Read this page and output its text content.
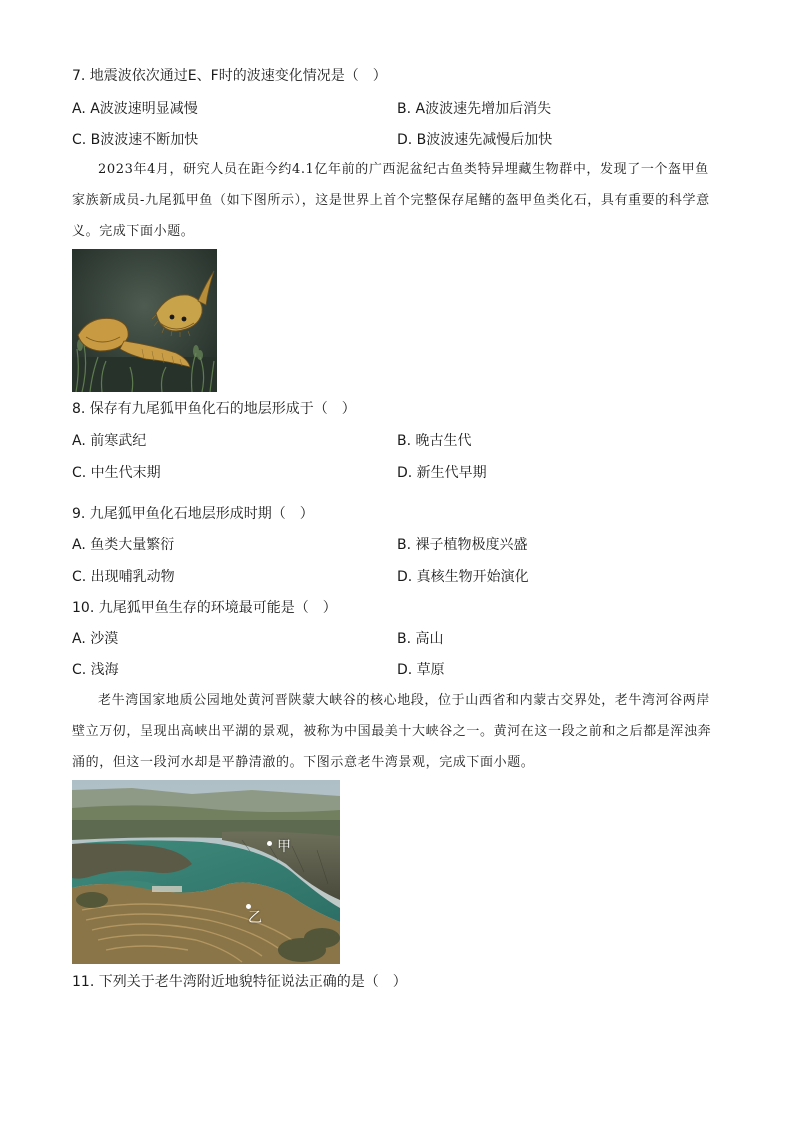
7. 地震波依次通过E、F时的波速变化情况是（　）
A. A波波速明显减慢	B. A波波速先增加后消失
C. B波波速不断加快	D. B波波速先减慢后加快
2023年4月，研究人员在距今约4.1亿年前的广西泥盆纪古鱼类特异埋藏生物群中，发现了一个盔甲鱼家族新成员-九尾狐甲鱼（如下图所示），这是世界上首个完整保存尾鳍的盔甲鱼类化石，具有重要的科学意义。完成下面小题。
8. 保存有九尾狐甲鱼化石的地层形成于（　）
A. 前寒武纪	B. 晚古生代
C. 中生代末期	D. 新生代早期
9. 九尾狐甲鱼化石地层形成时期（　）
A. 鱼类大量繁衍	B. 裸子植物极度兴盛
C. 出现哺乳动物	D. 真核生物开始演化
10. 九尾狐甲鱼生存的环境最可能是（　）
A. 沙漠	B. 高山
C. 浅海	D. 草原
老牛湾国家地质公园地处黄河晋陕蒙大峡谷的核心地段，位于山西省和内蒙古交界处，老牛湾河谷两岸壁立万仞，呈现出高峡出平湖的景观，被称为中国最美十大峡谷之一。黄河在这一段之前和之后都是浑浊奔涌的，但这一段河水却是平静清澈的。下图示意老牛湾景观，完成下面小题。
甲
乙
11. 下列关于老牛湾附近地貌特征说法正确的是（　）
